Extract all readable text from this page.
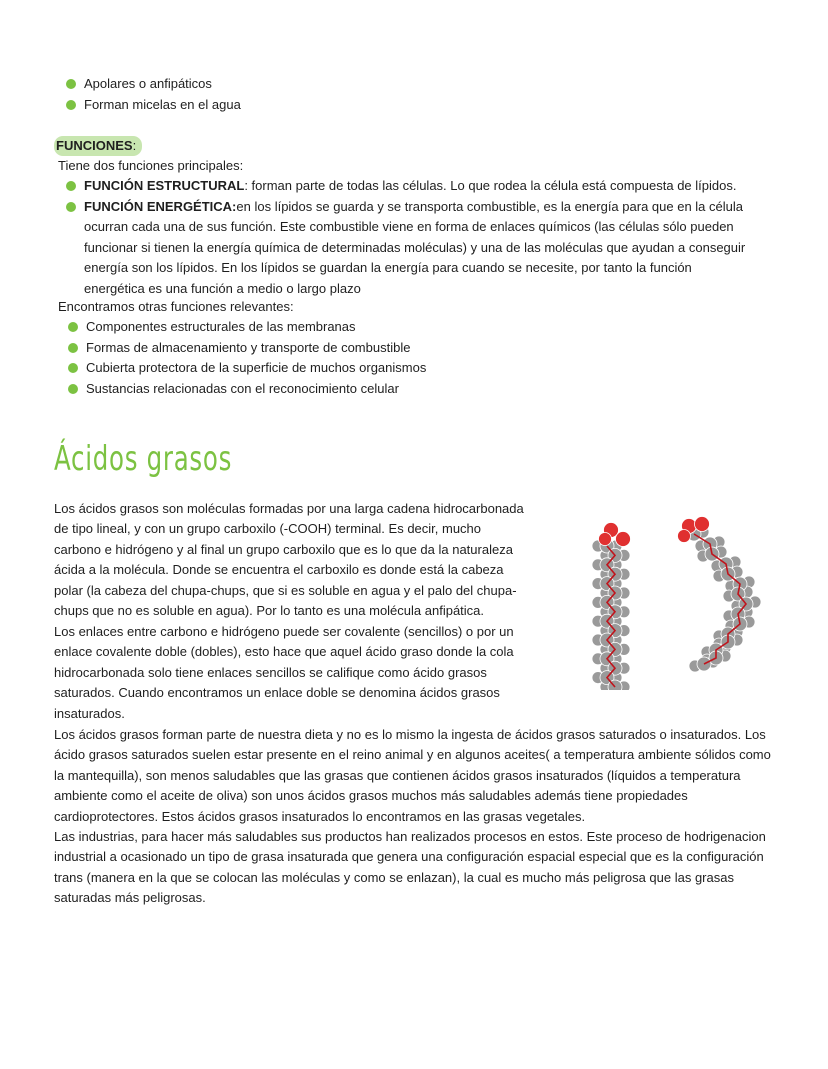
Apolares o anfipáticos
Forman micelas en el agua
FUNCIONES:
Tiene dos funciones principales:
FUNCIÓN ESTRUCTURAL: forman parte de todas las células. Lo que rodea la célula está compuesta de lípidos.
FUNCIÓN ENERGÉTICA:en los lípidos se guarda y se transporta combustible, es la energía para que en la célula ocurran cada una de sus función. Este combustible viene en forma de enlaces químicos (las células sólo pueden funcionar si tienen la energía química de determinadas moléculas) y una de las moléculas que ayudan a conseguir energía son los lípidos. En los lípidos se guardan la energía para cuando se necesite, por tanto la función energética es una función a medio o largo plazo
Encontramos otras funciones relevantes:
Componentes estructurales de las membranas
Formas de almacenamiento y transporte de combustible
Cubierta protectora de la superficie de muchos organismos
Sustancias relacionadas con el reconocimiento celular
Ácidos grasos

Los ácidos grasos son moléculas formadas por una larga cadena hidrocarbonada de tipo lineal, y con un grupo carboxilo (-COOH) terminal. Es decir, mucho carbono e hidrógeno y al final un grupo carboxilo que es lo que da la naturaleza ácida a la molécula. Donde se encuentra el carboxilo es donde está la cabeza polar (la cabeza del chupa-chups, que si es soluble en agua y el palo del chupa-chups que no es soluble en agua). Por lo tanto es una molécula anfipática.

Los enlaces entre carbono e hidrógeno puede ser covalente (sencillos) o por un enlace covalente doble (dobles), esto hace que aquel ácido graso donde la cola hidrocarbonada solo tiene enlaces sencillos se califique como ácido grasos saturados. Cuando encontramos un enlace doble se denomina ácidos grasos insaturados.

Los ácidos grasos forman parte de nuestra dieta y no es lo mismo la ingesta de ácidos grasos saturados o insaturados. Los ácido grasos saturados suelen estar presente en el reino animal y en algunos aceites( a temperatura ambiente sólidos como la mantequilla), son menos saludables que las grasas que contienen ácidos grasos insaturados (líquidos a temperatura ambiente como el aceite de oliva) son unos ácidos grasos muchos más saludables además tiene propiedades cardioprotectores. Estos ácidos grasos insaturados lo encontramos en las grasas vegetales.

Las industrias, para hacer más saludables sus productos han realizados procesos en estos. Este proceso de hodrigenacion industrial a ocasionado un tipo de grasa insaturada que genera una configuración espacial especial que es la configuración trans (manera en la que se colocan las moléculas y como se enlazan), la cual es mucho más peligrosa que las grasas saturadas más peligrosas.
